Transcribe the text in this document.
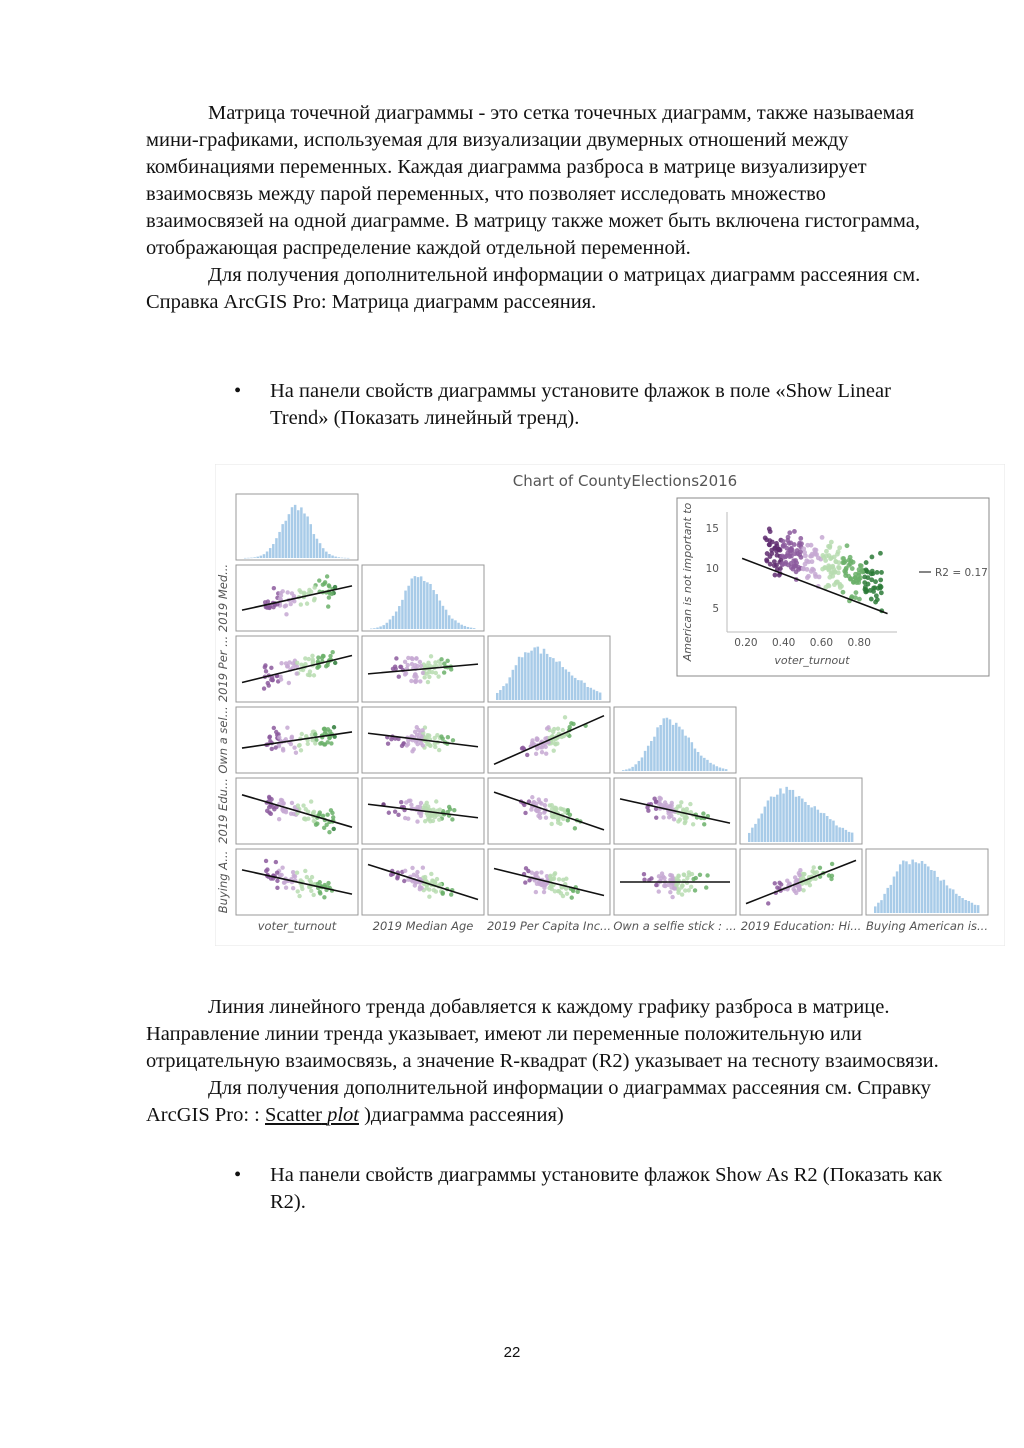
Матрица точечной диаграммы - это сетка точечных диаграмм, также называемая мини-графиками, используемая для визуализации двумерных отношений между комбинациями переменных. Каждая диаграмма разброса в матрице визуализирует взаимосвязь между парой переменных, что позволяет исследовать множество взаимосвязей на одной диаграмме. В матрицу также может быть включена гистограмма, отображающая распределение каждой отдельной переменной.

Для получения дополнительной информации о матрицах диаграмм рассеяния см. Справка ArcGIS Pro: Матрица диаграмм рассеяния.

• На панели свойств диаграммы установите флажок в поле «Show Linear Trend» (Показать линейный тренд).
Chart of CountyElections2016
voter_turnout	2019 Median Age 2019 Per Capita Inc... Own a selfie stick : ... 2019 Education: Hi... Buying American is...
2019 Med...
2019 Per ...
Own a sel...
2019 Edu...
Buying A...
0.20 0.40 0.60 0.80
15
10
5
voter_turnout
American is not important to	R2 = 0.17

Линия линейного тренда добавляется к каждому графику разброса в матрице. Направление линии тренда указывает, имеют ли переменные положительную или отрицательную взаимосвязь, а значение R-квадрат (R2) указывает на тесноту взаимосвязи.

Для получения дополнительной информации о диаграммах рассеяния см. Справку ArcGIS Pro: : Scatter plot )диаграмма рассеяния)

• На панели свойств диаграммы установите флажок Show As R2 (Показать как R2).
22
